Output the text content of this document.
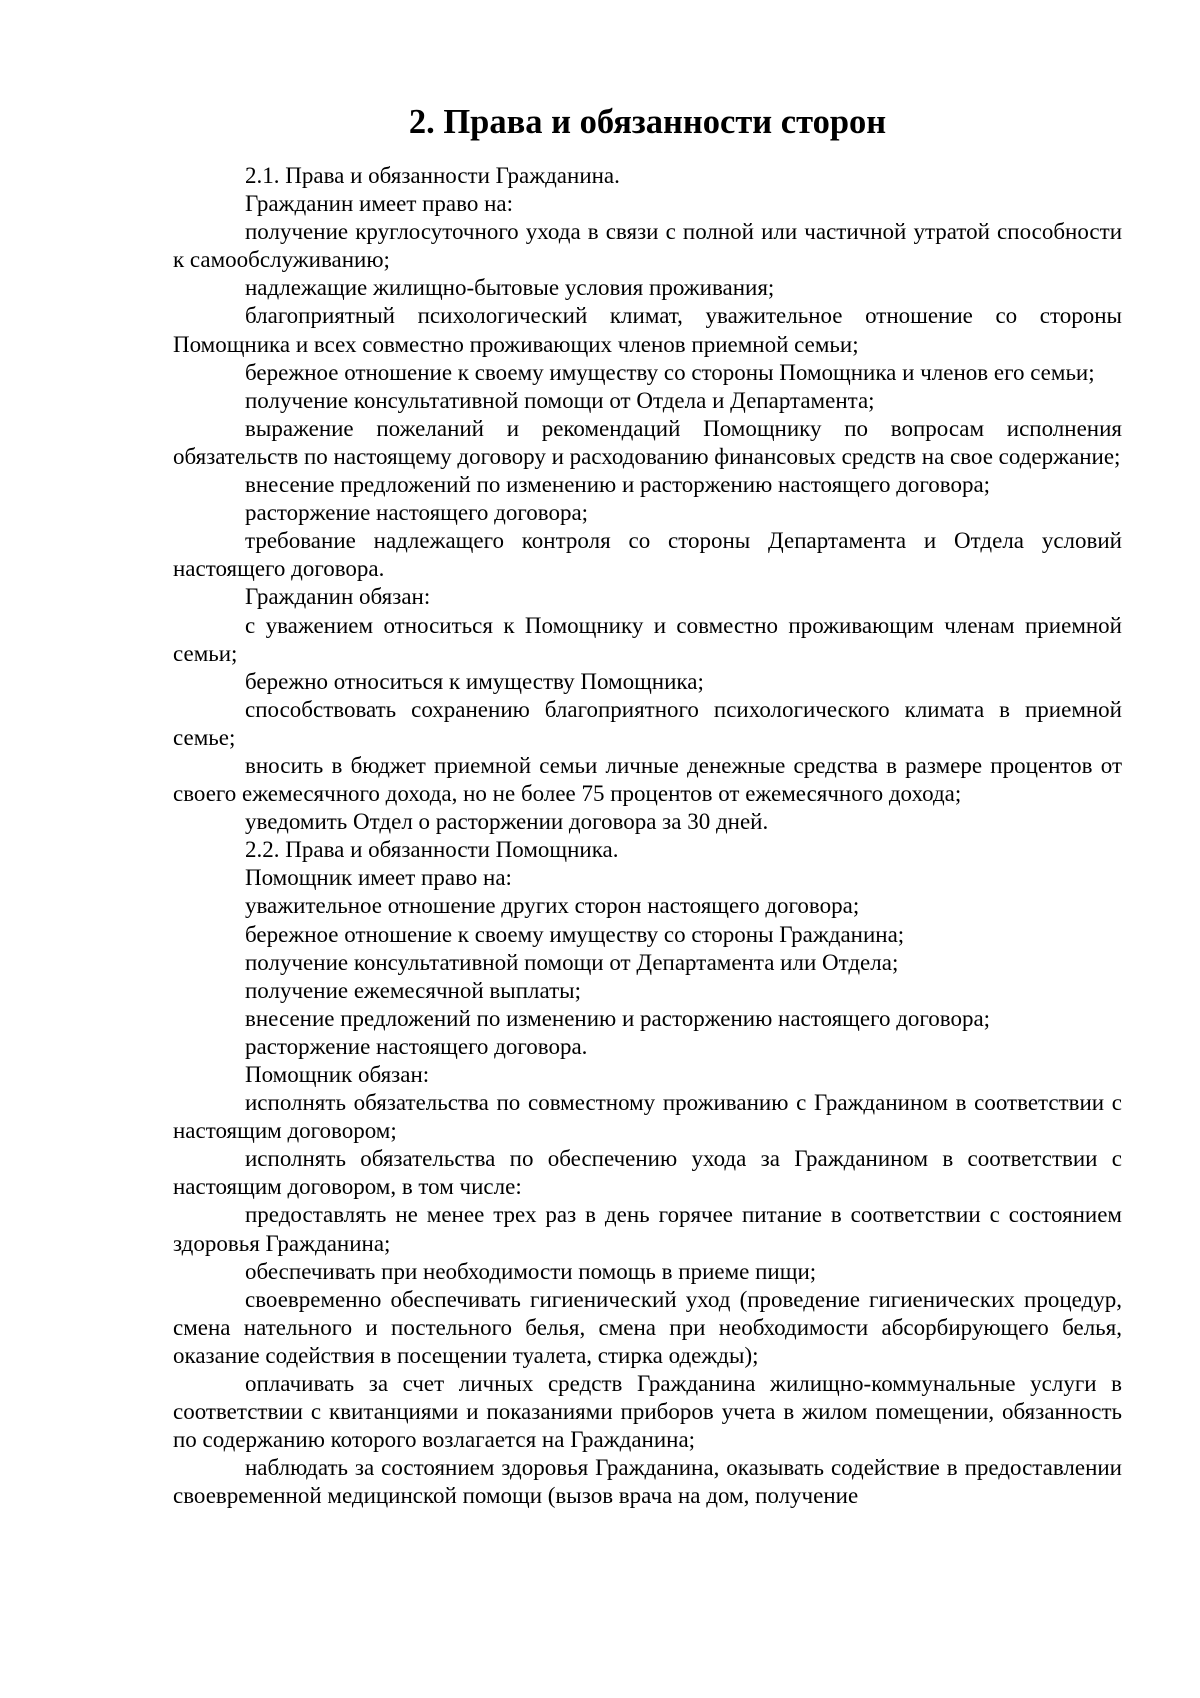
2. Права и обязанности сторон

2.1. Права и обязанности Гражданина.

Гражданин имеет право на:

получение круглосуточного ухода в связи с полной или частичной утратой способности к самообслуживанию;

надлежащие жилищно-бытовые условия проживания;

благоприятный психологический климат, уважительное отношение со стороны Помощника и всех совместно проживающих членов приемной семьи;

бережное отношение к своему имуществу со стороны Помощника и членов его семьи;

получение консультативной помощи от Отдела и Департамента;

выражение пожеланий и рекомендаций Помощнику по вопросам исполнения обязательств по настоящему договору и расходованию финансовых средств на свое содержание;

внесение предложений по изменению и расторжению настоящего договора;

расторжение настоящего договора;

требование надлежащего контроля со стороны Департамента и Отдела условий настоящего договора.

Гражданин обязан:

с уважением относиться к Помощнику и совместно проживающим членам приемной семьи;

бережно относиться к имуществу Помощника;

способствовать сохранению благоприятного психологического климата в приемной семье;

вносить в бюджет приемной семьи личные денежные средства в размере процентов от своего ежемесячного дохода, но не более 75 процентов от ежемесячного дохода;

уведомить Отдел о расторжении договора за 30 дней.

2.2. Права и обязанности Помощника.

Помощник имеет право на:

уважительное отношение других сторон настоящего договора;

бережное отношение к своему имуществу со стороны Гражданина;

получение консультативной помощи от Департамента или Отдела;

получение ежемесячной выплаты;

внесение предложений по изменению и расторжению настоящего договора;

расторжение настоящего договора.

Помощник обязан:

исполнять обязательства по совместному проживанию с Гражданином в соответствии с настоящим договором;

исполнять обязательства по обеспечению ухода за Гражданином в соответствии с настоящим договором, в том числе:

предоставлять не менее трех раз в день горячее питание в соответствии с состоянием здоровья Гражданина;

обеспечивать при необходимости помощь в приеме пищи;

своевременно обеспечивать гигиенический уход (проведение гигиенических процедур, смена нательного и постельного белья, смена при необходимости абсорбирующего белья, оказание содействия в посещении туалета, стирка одежды);

оплачивать за счет личных средств Гражданина жилищно-коммунальные услуги в соответствии с квитанциями и показаниями приборов учета в жилом помещении, обязанность по содержанию которого возлагается на Гражданина;

наблюдать за состоянием здоровья Гражданина, оказывать содействие в предоставлении своевременной медицинской помощи (вызов врача на дом, получение
